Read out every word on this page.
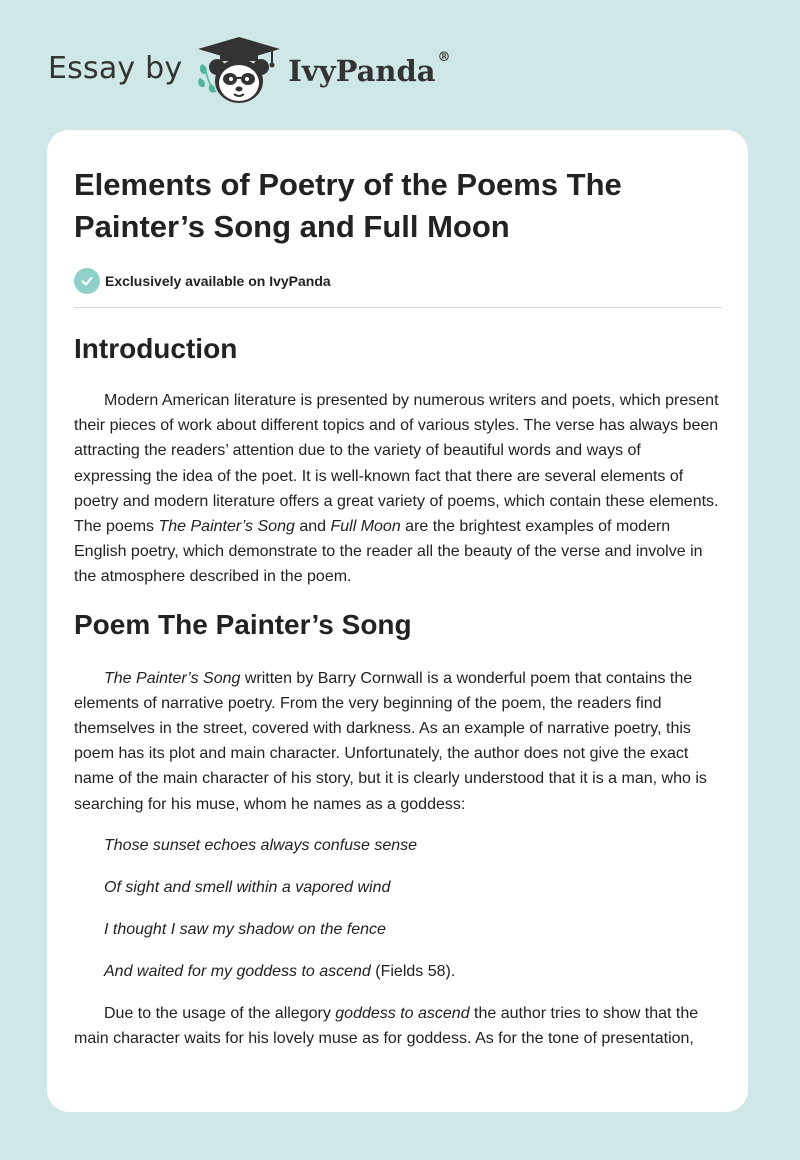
Essay by	IvyPanda ®
Elements of Poetry of the Poems The Painter’s Song and Full Moon
Exclusively available on IvyPanda
Introduction

Modern American literature is presented by numerous writers and poets, which present their pieces of work about different topics and of various styles. The verse has always been attracting the readers’ attention due to the variety of beautiful words and ways of expressing the idea of the poet. It is well-known fact that there are several elements of poetry and modern literature offers a great variety of poems, which contain these elements. The poems The Painter’s Song and Full Moon are the brightest examples of modern English poetry, which demonstrate to the reader all the beauty of the verse and involve in the atmosphere described in the poem.

Poem The Painter’s Song

The Painter’s Song written by Barry Cornwall is a wonderful poem that contains the elements of narrative poetry. From the very beginning of the poem, the readers find themselves in the street, covered with darkness. As an example of narrative poetry, this poem has its plot and main character. Unfortunately, the author does not give the exact name of the main character of his story, but it is clearly understood that it is a man, who is searching for his muse, whom he names as a goddess:

Those sunset echoes always confuse sense

Of sight and smell within a vapored wind

I thought I saw my shadow on the fence

And waited for my goddess to ascend (Fields 58).

Due to the usage of the allegory goddess to ascend the author tries to show that the main character waits for his lovely muse as for goddess. As for the tone of presentation,
